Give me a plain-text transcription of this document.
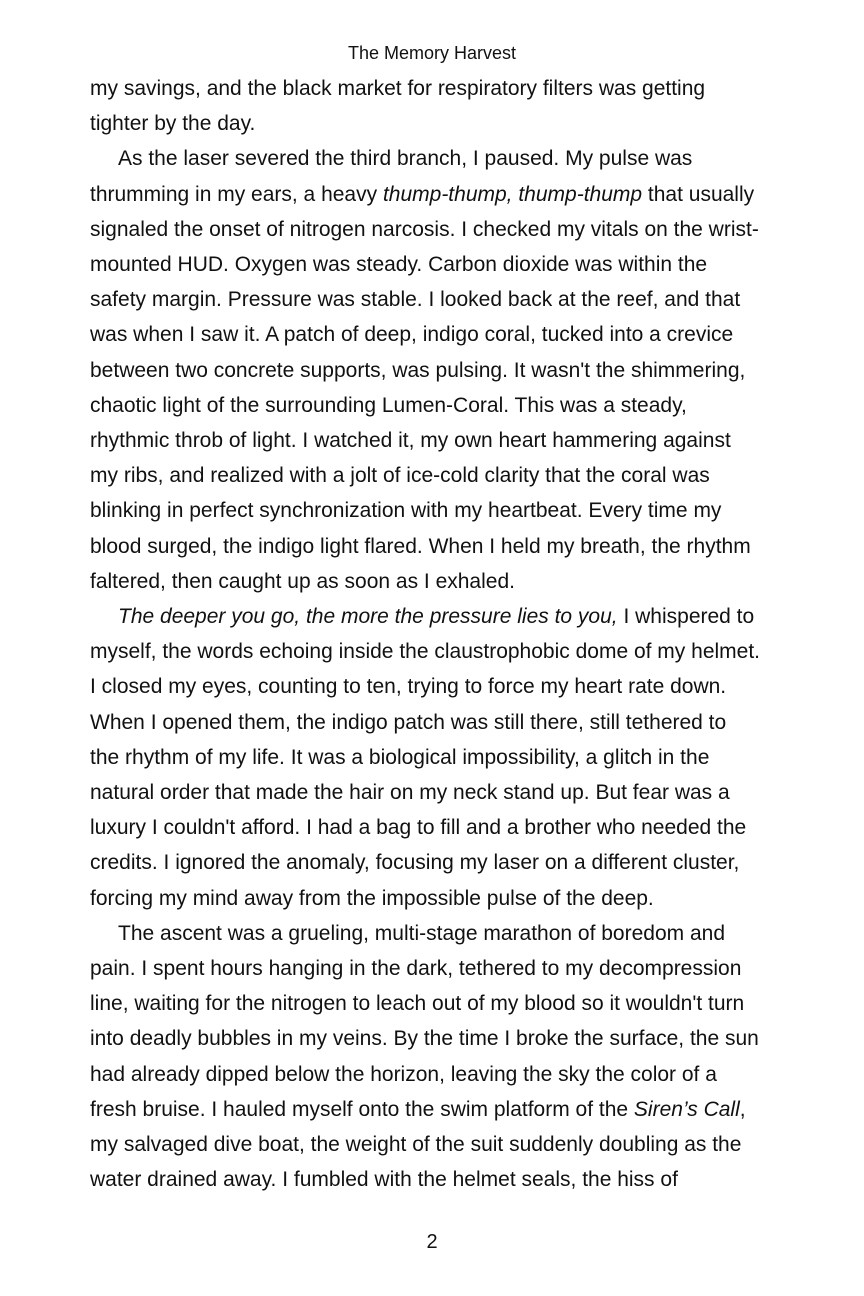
The Memory Harvest
my savings, and the black market for respiratory filters was getting
tighter by the day.
As the laser severed the third branch, I paused. My pulse was
thrumming in my ears, a heavy thump-thump, thump-thump that usually
signaled the onset of nitrogen narcosis. I checked my vitals on the wrist-
mounted HUD. Oxygen was steady. Carbon dioxide was within the
safety margin. Pressure was stable. I looked back at the reef, and that
was when I saw it. A patch of deep, indigo coral, tucked into a crevice
between two concrete supports, was pulsing. It wasn't the shimmering,
chaotic light of the surrounding Lumen-Coral. This was a steady,
rhythmic throb of light. I watched it, my own heart hammering against
my ribs, and realized with a jolt of ice-cold clarity that the coral was
blinking in perfect synchronization with my heartbeat. Every time my
blood surged, the indigo light flared. When I held my breath, the rhythm
faltered, then caught up as soon as I exhaled.
The deeper you go, the more the pressure lies to you, I whispered to
myself, the words echoing inside the claustrophobic dome of my helmet.
I closed my eyes, counting to ten, trying to force my heart rate down.
When I opened them, the indigo patch was still there, still tethered to
the rhythm of my life. It was a biological impossibility, a glitch in the
natural order that made the hair on my neck stand up. But fear was a
luxury I couldn't afford. I had a bag to fill and a brother who needed the
credits. I ignored the anomaly, focusing my laser on a different cluster,
forcing my mind away from the impossible pulse of the deep.
The ascent was a grueling, multi-stage marathon of boredom and
pain. I spent hours hanging in the dark, tethered to my decompression
line, waiting for the nitrogen to leach out of my blood so it wouldn't turn
into deadly bubbles in my veins. By the time I broke the surface, the sun
had already dipped below the horizon, leaving the sky the color of a
fresh bruise. I hauled myself onto the swim platform of the Siren’s Call,
my salvaged dive boat, the weight of the suit suddenly doubling as the
water drained away. I fumbled with the helmet seals, the hiss of
2
